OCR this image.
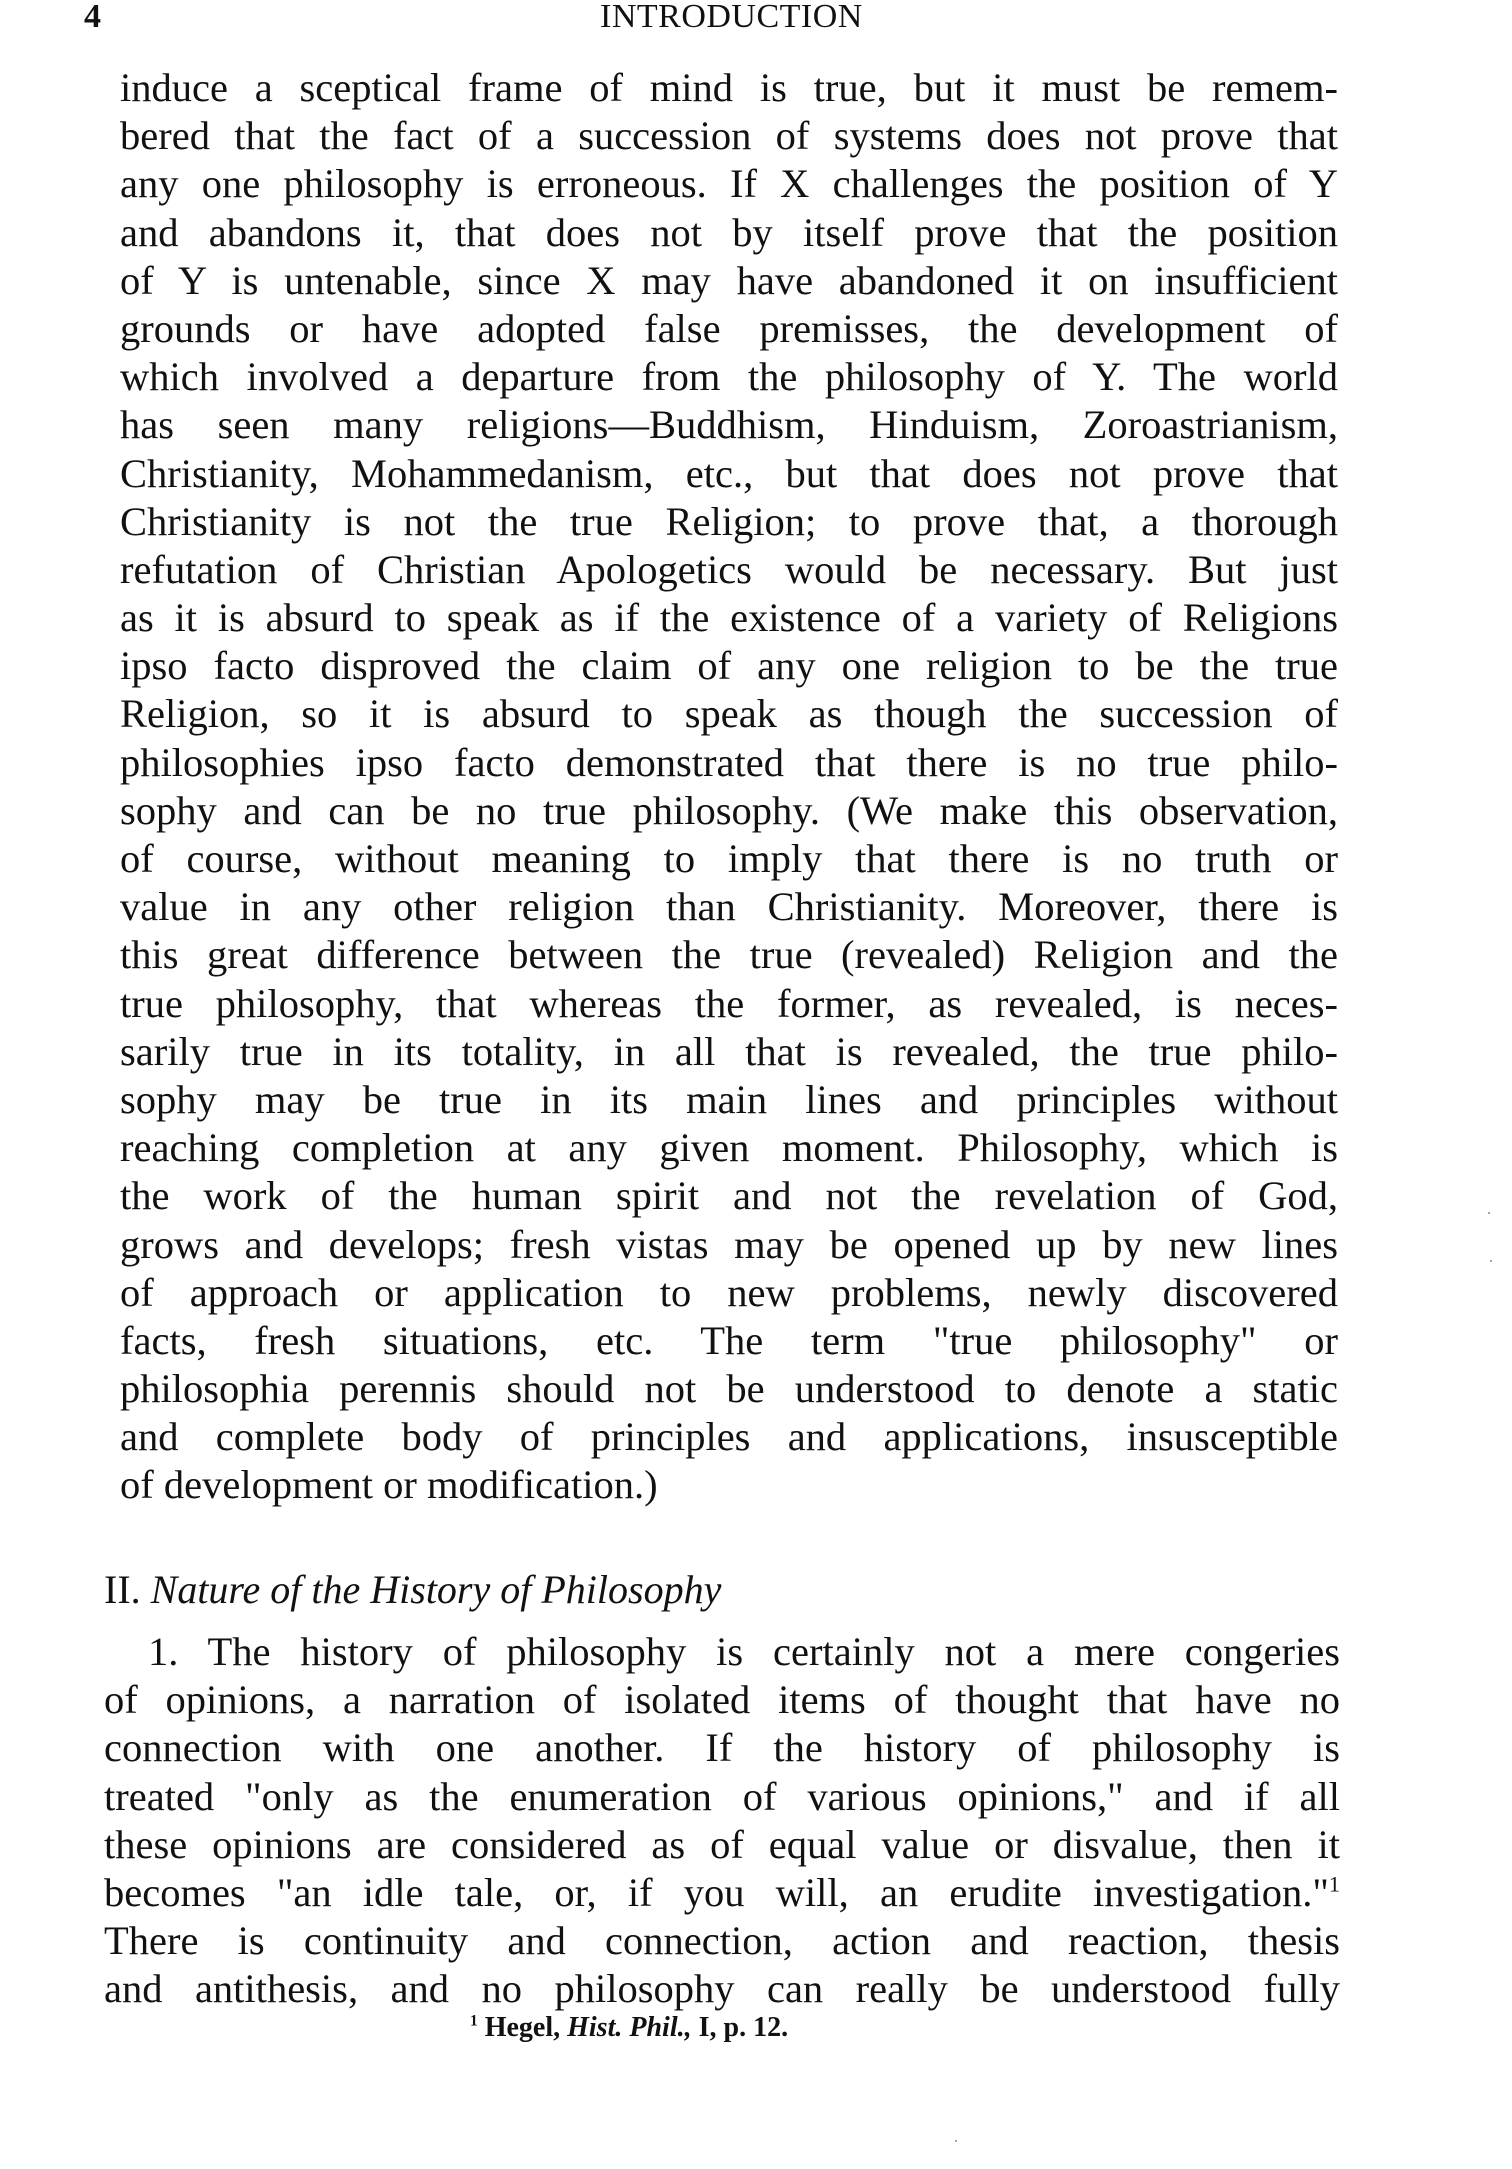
4	INTRODUCTION
induce a sceptical frame of mind is true, but it must be remem-
bered that the fact of a succession of systems does not prove that
any one philosophy is erroneous. If X challenges the position of Y
and abandons it, that does not by itself prove that the position
of Y is untenable, since X may have abandoned it on insufficient
grounds or have adopted false premisses, the development of
which involved a departure from the philosophy of Y. The world
has seen many religions—Buddhism, Hinduism, Zoroastrianism,
Christianity, Mohammedanism, etc., but that does not prove that
Christianity is not the true Religion; to prove that, a thorough
refutation of Christian Apologetics would be necessary. But just
as it is absurd to speak as if the existence of a variety of Religions
ipso facto disproved the claim of any one religion to be the true
Religion, so it is absurd to speak as though the succession of
philosophies ipso facto demonstrated that there is no true philo-
sophy and can be no true philosophy. (We make this observation,
of course, without meaning to imply that there is no truth or
value in any other religion than Christianity. Moreover, there is
this great difference between the true (revealed) Religion and the
true philosophy, that whereas the former, as revealed, is neces-
sarily true in its totality, in all that is revealed, the true philo-
sophy may be true in its main lines and principles without
reaching completion at any given moment. Philosophy, which is
the work of the human spirit and not the revelation of God,
grows and develops; fresh vistas may be opened up by new lines
of approach or application to new problems, newly discovered
facts, fresh situations, etc. The term "true philosophy" or
philosophia perennis should not be understood to denote a static
and complete body of principles and applications, insusceptible
of development or modification.)
II. Nature of the History of Philosophy
1. The history of philosophy is certainly not a mere congeries
of opinions, a narration of isolated items of thought that have no
connection with one another. If the history of philosophy is
treated "only as the enumeration of various opinions," and if all
these opinions are considered as of equal value or disvalue, then it
becomes "an idle tale, or, if you will, an erudite investigation."$^1$
There is continuity and connection, action and reaction, thesis
and antithesis, and no philosophy can really be understood fully
$^1$ Hegel, Hist. Phil., I, p. 12.
